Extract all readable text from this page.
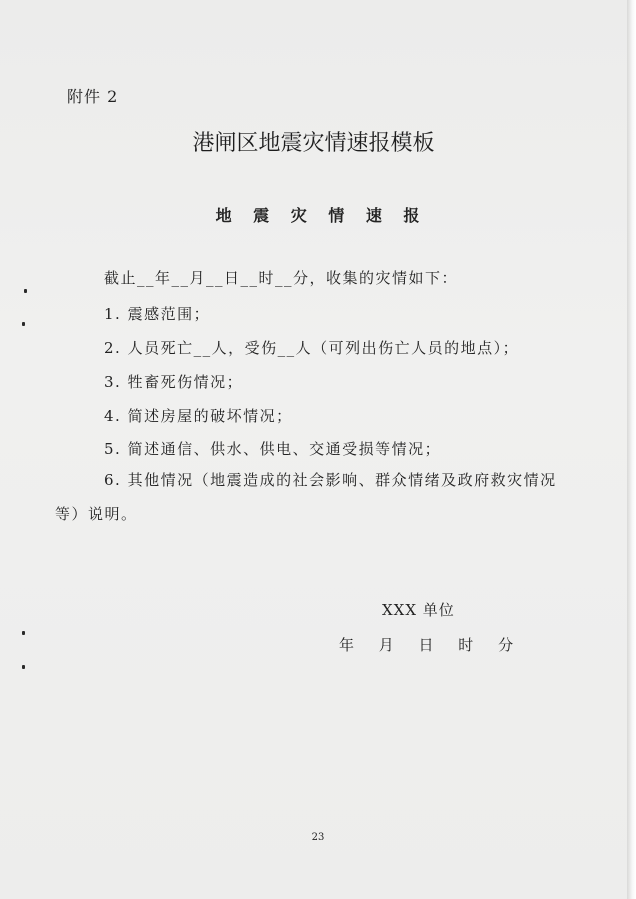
附件 2
港闸区地震灾情速报模板
地 震 灾 情 速 报
截止__年__月__日__时__分，收集的灾情如下：
1. 震感范围；
2. 人员死亡__人，受伤__人（可列出伤亡人员的地点）；
3. 牲畜死伤情况；
4. 简述房屋的破坏情况；
5. 简述通信、供水、供电、交通受损等情况；
6. 其他情况（地震造成的社会影响、群众情绪及政府救灾情况
等）说明。
XXX 单位
年 月 日 时 分
23
